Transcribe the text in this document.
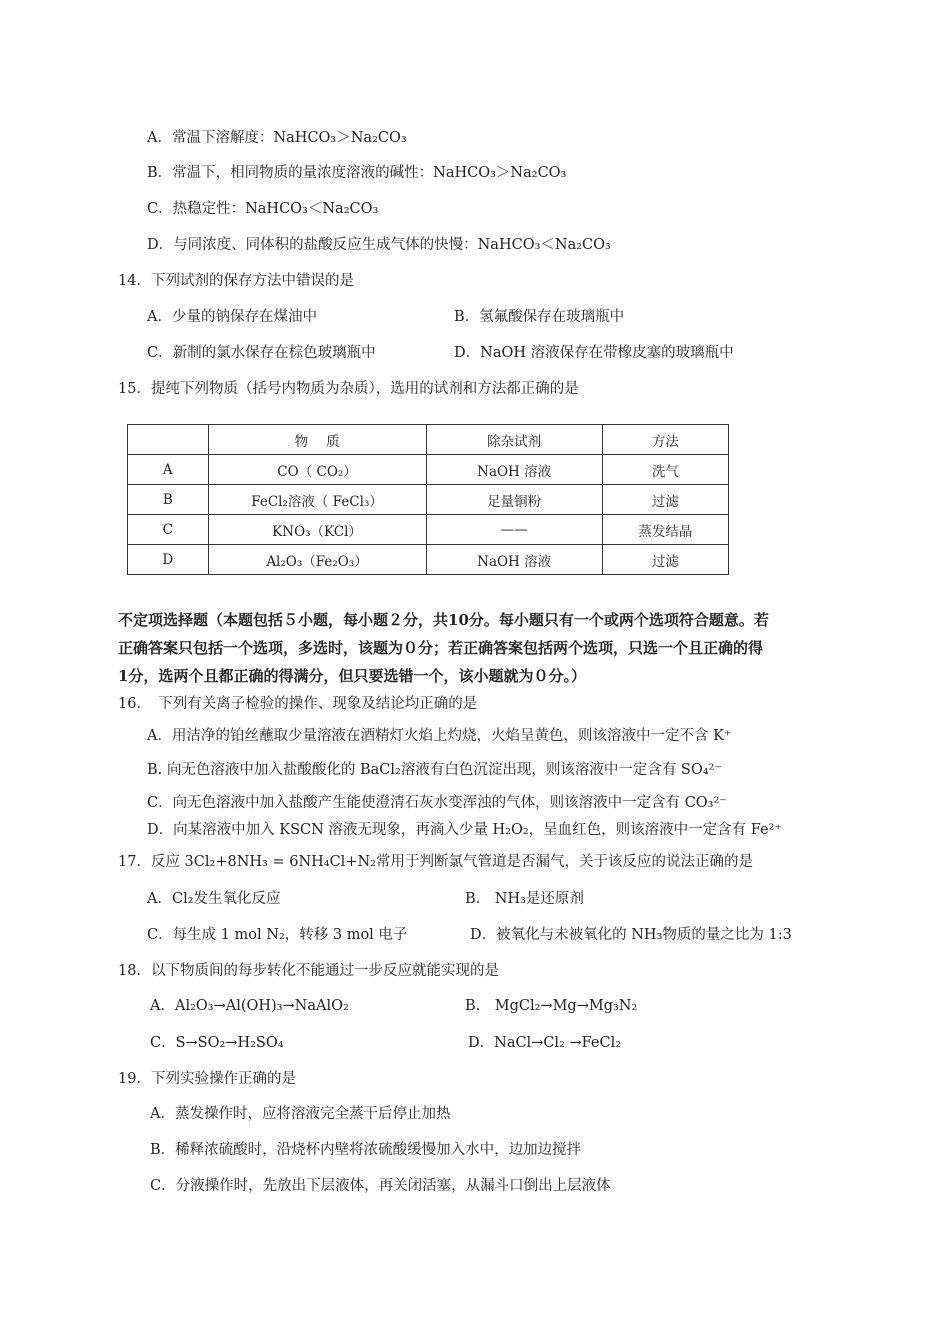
A．常温下溶解度：NaHCO₃＞Na₂CO₃
B．常温下，相同物质的量浓度溶液的碱性：NaHCO₃＞Na₂CO₃
C．热稳定性：NaHCO₃＜Na₂CO₃
D．与同浓度、同体积的盐酸反应生成气体的快慢：NaHCO₃＜Na₂CO₃
14．下列试剂的保存方法中错误的是
A．少量的钠保存在煤油中	B．氢氟酸保存在玻璃瓶中
C．新制的氯水保存在棕色玻璃瓶中	D．NaOH 溶液保存在带橡皮塞的玻璃瓶中
15．提纯下列物质（括号内物质为杂质），选用的试剂和方法都正确的是
	物　 质	除杂试剂	方法
A	CO（ CO₂）	NaOH 溶液	洗气
B	FeCl₂溶液（ FeCl₃）	足量铜粉	过滤
C	KNO₃（KCl）	——	蒸发结晶
D	Al₂O₃（Fe₂O₃）	NaOH 溶液	过滤
不定项选择题（本题包括５小题，每小题２分，共10分。每小题只有一个或两个选项符合题意。若
正确答案只包括一个选项，多选时，该题为０分；若正确答案包括两个选项，只选一个且正确的得
1分，选两个且都正确的得满分，但只要选错一个，该小题就为０分。）
16．　下列有关离子检验的操作、现象及结论均正确的是
A．用洁净的铂丝蘸取少量溶液在酒精灯火焰上灼烧，火焰呈黄色，则该溶液中一定不含 K⁺
B. 向无色溶液中加入盐酸酸化的 BaCl₂溶液有白色沉淀出现，则该溶液中一定含有 SO₄²⁻
C．向无色溶液中加入盐酸产生能使澄清石灰水变浑浊的气体，则该溶液中一定含有 CO₃²⁻
D．向某溶液中加入 KSCN 溶液无现象，再滴入少量 H₂O₂，呈血红色，则该溶液中一定含有 Fe²⁺
17．反应 3Cl₂+8NH₃ = 6NH₄Cl+N₂常用于判断氯气管道是否漏气，关于该反应的说法正确的是
A．Cl₂发生氧化反应	B.　NH₃是还原剂
C．每生成 1 mol N₂，转移 3 mol 电子	D．被氧化与未被氧化的 NH₃物质的量之比为 1:3
18．以下物质间的每步转化不能通过一步反应就能实现的是
A．Al₂O₃→Al(OH)₃→NaAlO₂	B.　MgCl₂→Mg→Mg₃N₂
C．S→SO₂→H₂SO₄	D．NaCl→Cl₂ →FeCl₂
19．下列实验操作正确的是
A．蒸发操作时，应将溶液完全蒸干后停止加热
B．稀释浓硫酸时，沿烧杯内壁将浓硫酸缓慢加入水中，边加边搅拌
C．分液操作时，先放出下层液体，再关闭活塞，从漏斗口倒出上层液体
